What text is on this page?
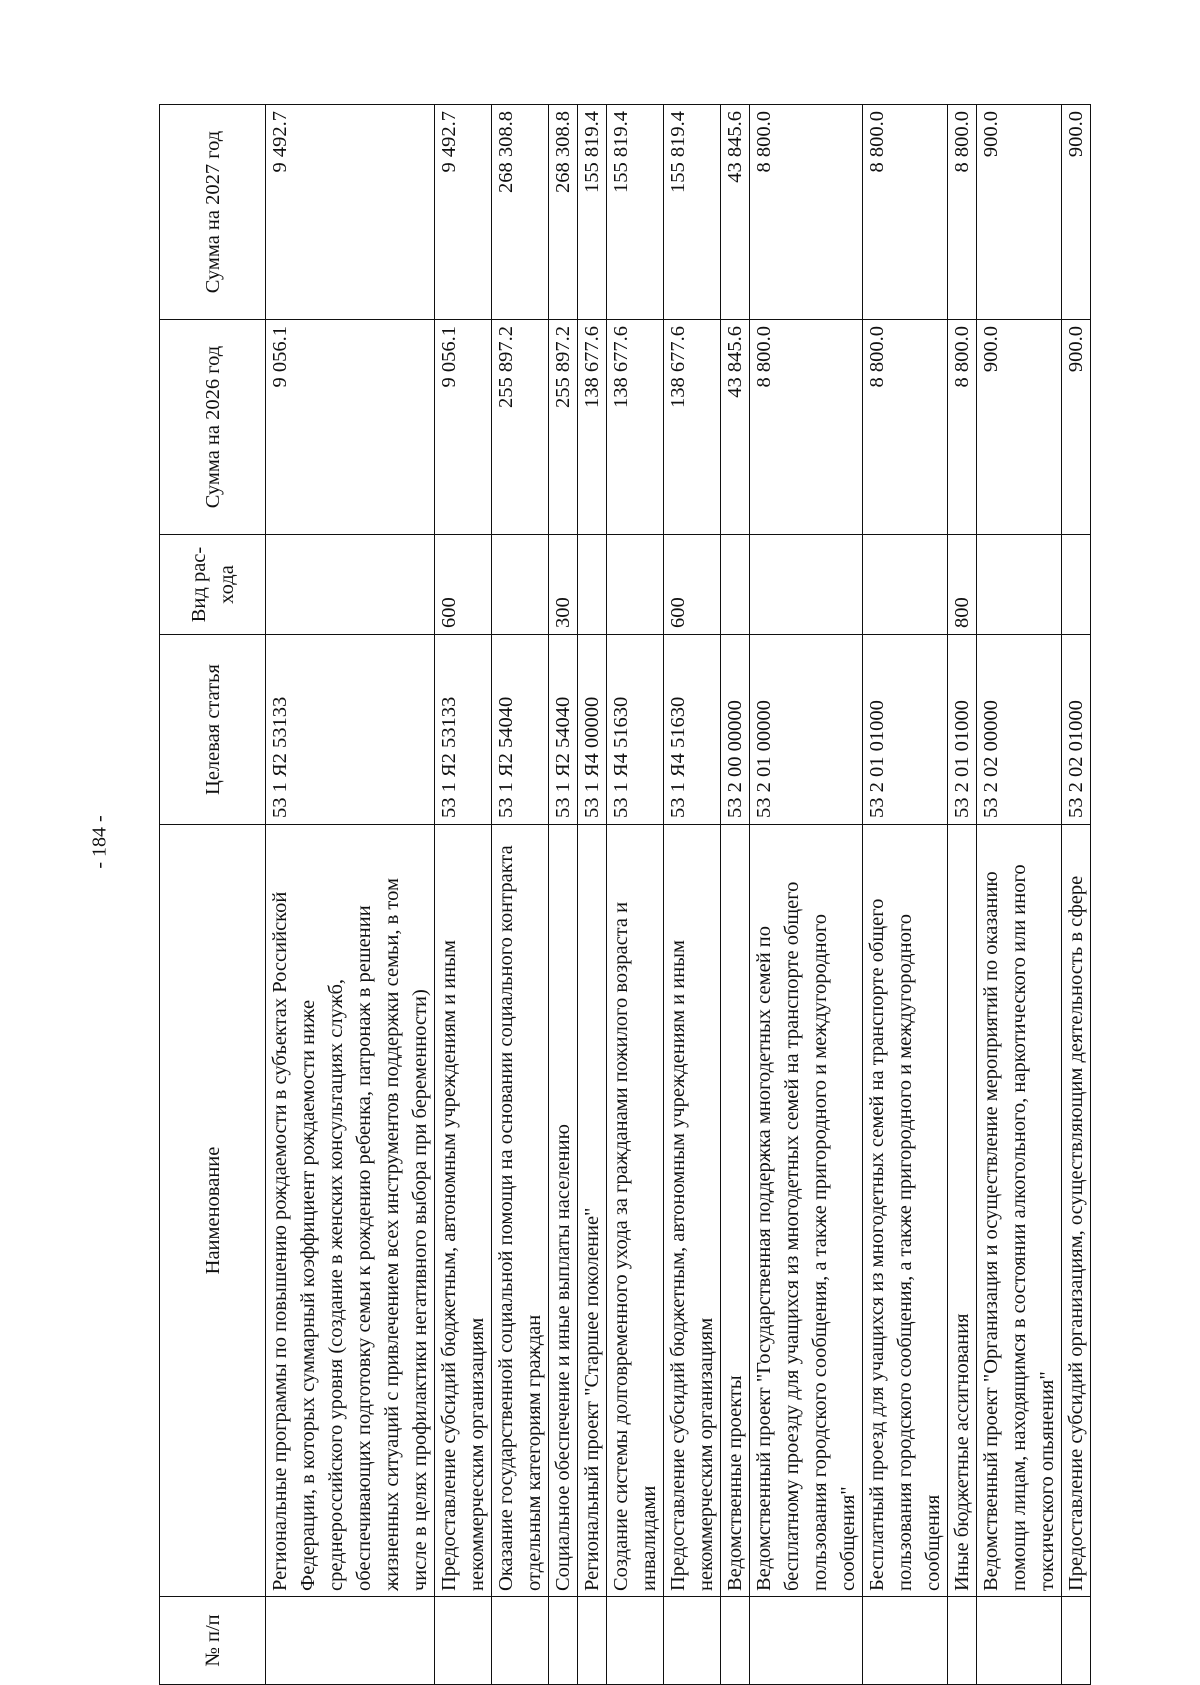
- 184 -
№ п/п	Наименование	Целевая статья	Вид рас-хода	Сумма на 2026 год	Сумма на 2027 год
	Региональные программы по повышению рождаемости в субъектах Российской Федерации, в которых суммарный коэффициент рождаемости ниже среднероссийского уровня (создание в женских консультациях служб, обеспечивающих подготовку семьи к рождению ребенка, патронаж в решении жизненных ситуаций с привлечением всех инструментов поддержки семьи, в том числе в целях профилактики негативного выбора при беременности)	53 1 Я2 53133		9 056.1	9 492.7
	Предоставление субсидий бюджетным, автономным учреждениям и иным некоммерческим организациям	53 1 Я2 53133	600	9 056.1	9 492.7
	Оказание государственной социальной помощи на основании социального контракта отдельным категориям граждан	53 1 Я2 54040		255 897.2	268 308.8
	Социальное обеспечение и иные выплаты населению	53 1 Я2 54040	300	255 897.2	268 308.8
	Региональный проект "Старшее поколение"	53 1 Я4 00000		138 677.6	155 819.4
	Создание системы долговременного ухода за гражданами пожилого возраста и инвалидами	53 1 Я4 51630		138 677.6	155 819.4
	Предоставление субсидий бюджетным, автономным учреждениям и иным некоммерческим организациям	53 1 Я4 51630	600	138 677.6	155 819.4
	Ведомственные проекты	53 2 00 00000		43 845.6	43 845.6
	Ведомственный проект "Государственная поддержка многодетных семей по бесплатному проезду для учащихся из многодетных семей на транспорте общего пользования городского сообщения, а также пригородного и междугородного сообщения"	53 2 01 00000		8 800.0	8 800.0
	Бесплатный проезд для учащихся из многодетных семей на транспорте общего пользования городского сообщения, а также пригородного и междугородного сообщения	53 2 01 01000		8 800.0	8 800.0
	Иные бюджетные ассигнования	53 2 01 01000	800	8 800.0	8 800.0
	Ведомственный проект "Организация и осуществление мероприятий по оказанию помощи лицам, находящимся в состоянии алкогольного, наркотического или иного токсического опьянения"	53 2 02 00000		900.0	900.0
	Предоставление субсидий организациям, осуществляющим деятельность в сфере	53 2 02 01000		900.0	900.0
